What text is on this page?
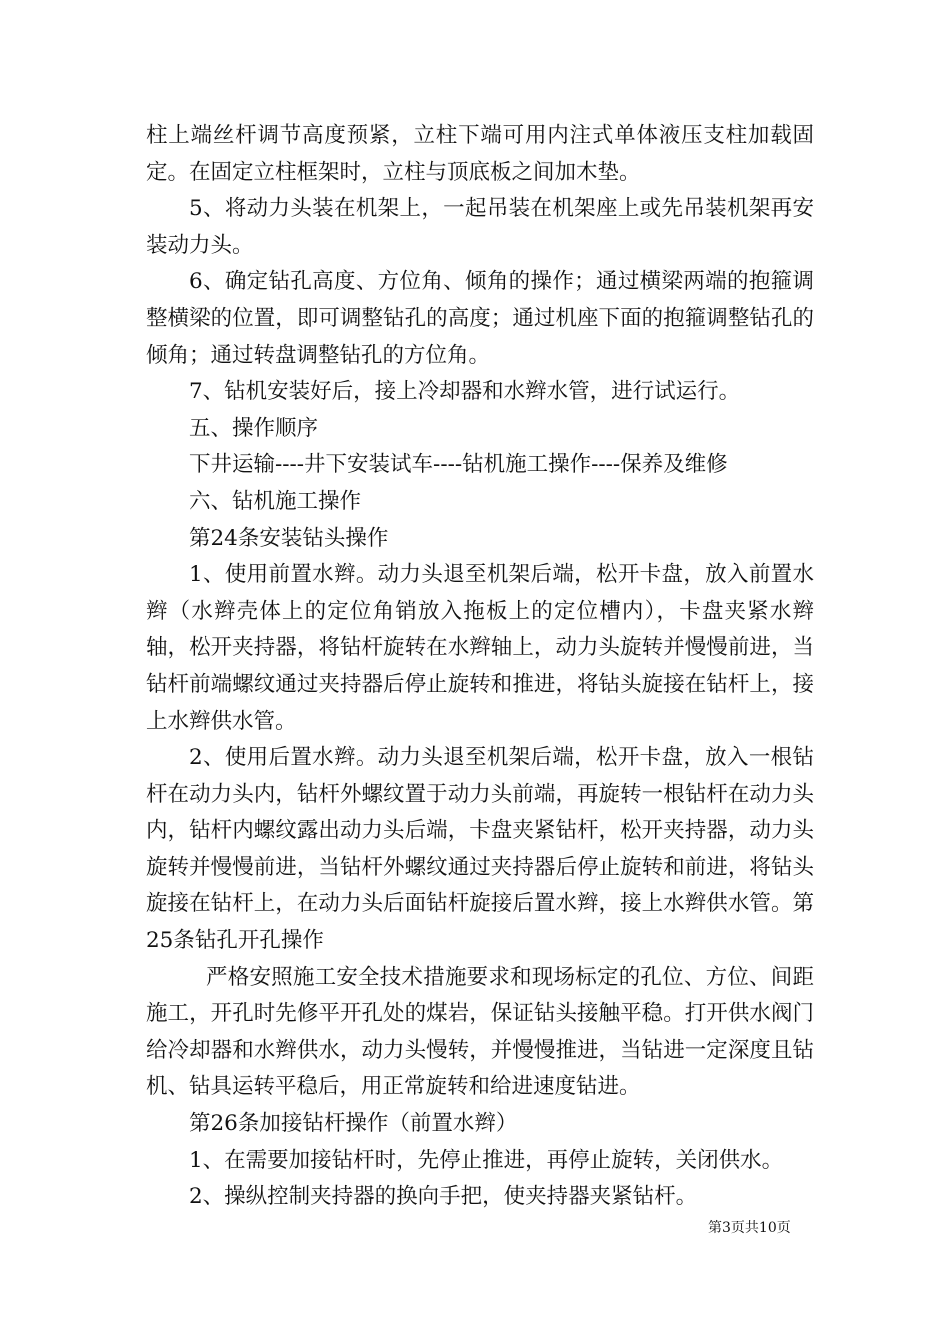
柱上端丝杆调节高度预紧，立柱下端可用内注式单体液压支柱加载固定。在固定立柱框架时，立柱与顶底板之间加木垫。

5、将动力头装在机架上，一起吊装在机架座上或先吊装机架再安装动力头。

6、确定钻孔高度、方位角、倾角的操作；通过横梁两端的抱箍调整横梁的位置，即可调整钻孔的高度；通过机座下面的抱箍调整钻孔的倾角；通过转盘调整钻孔的方位角。

7、钻机安装好后，接上冷却器和水辫水管，进行试运行。

五、操作顺序

下井运输----井下安装试车----钻机施工操作----保养及维修

六、钻机施工操作

第24条安装钻头操作

1、使用前置水辫。动力头退至机架后端，松开卡盘，放入前置水辫（水辫壳体上的定位角销放入拖板上的定位槽内），卡盘夹紧水辫轴，松开夹持器，将钻杆旋转在水辫轴上，动力头旋转并慢慢前进，当钻杆前端螺纹通过夹持器后停止旋转和推进，将钻头旋接在钻杆上，接上水辫供水管。

2、使用后置水辫。动力头退至机架后端，松开卡盘，放入一根钻杆在动力头内，钻杆外螺纹置于动力头前端，再旋转一根钻杆在动力头内，钻杆内螺纹露出动力头后端，卡盘夹紧钻杆，松开夹持器，动力头旋转并慢慢前进，当钻杆外螺纹通过夹持器后停止旋转和前进，将钻头旋接在钻杆上，在动力头后面钻杆旋接后置水辫，接上水辫供水管。第25条钻孔开孔操作

严格安照施工安全技术措施要求和现场标定的孔位、方位、间距施工，开孔时先修平开孔处的煤岩，保证钻头接触平稳。打开供水阀门给冷却器和水辫供水，动力头慢转，并慢慢推进，当钻进一定深度且钻机、钻具运转平稳后，用正常旋转和给进速度钻进。

第26条加接钻杆操作（前置水辫）

1、在需要加接钻杆时，先停止推进，再停止旋转，关闭供水。

2、操纵控制夹持器的换向手把，使夹持器夹紧钻杆。

第3页共10页
